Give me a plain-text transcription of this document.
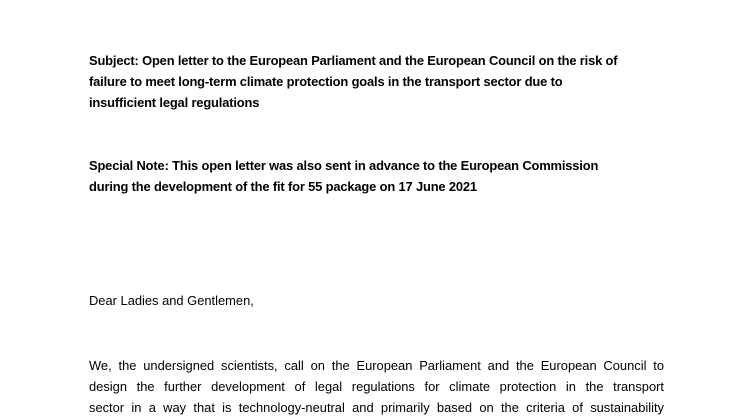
Subject: Open letter to the European Parliament and the European Council on the risk of
failure to meet long-term climate protection goals in the transport sector due to
insufficient legal regulations
Special Note: This open letter was also sent in advance to the European Commission
during the development of the fit for 55 package on 17 June 2021
Dear Ladies and Gentlemen,
We, the undersigned scientists, call on the European Parliament and the European Council to
design the further development of legal regulations for climate protection in the transport
sector in a way that is technology-neutral and primarily based on the criteria of sustainability
